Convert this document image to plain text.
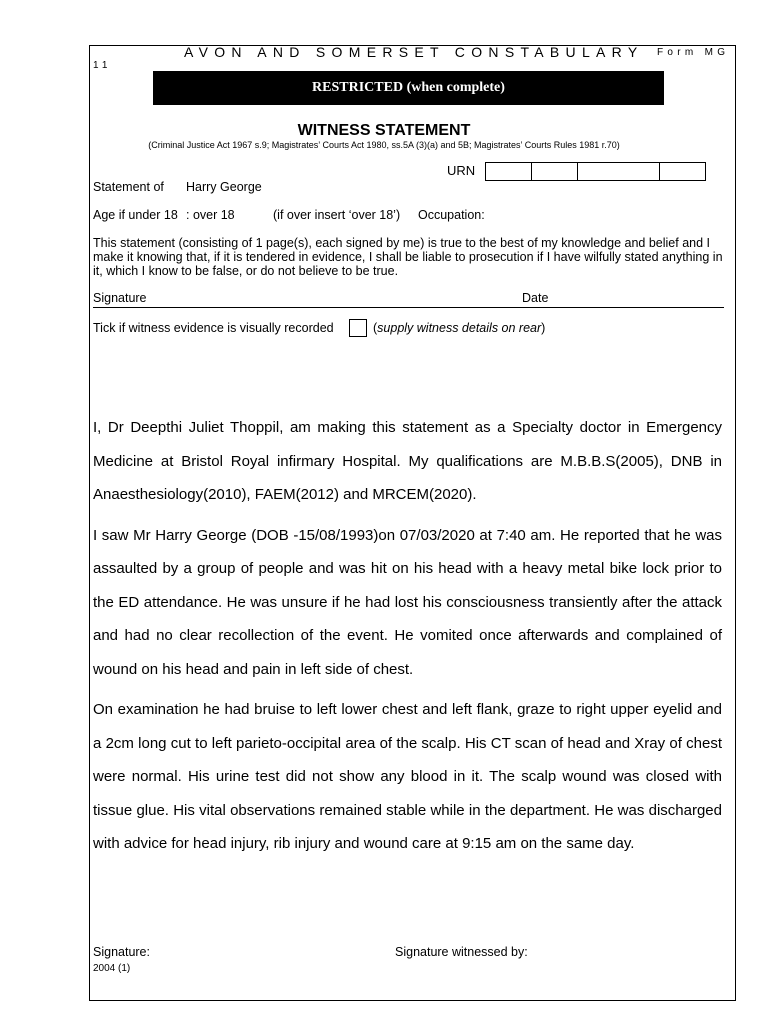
AVON AND SOMERSET CONSTABULARY Form MG
11
RESTRICTED (when complete)
WITNESS STATEMENT
(Criminal Justice Act 1967 s.9; Magistrates’ Courts Act 1980, ss.5A (3)(a) and 5B; Magistrates’ Courts Rules 1981 r.70)
URN
Statement of Harry George
Age if under 18 : over 18	(if over insert ‘over 18’) Occupation:
This statement (consisting of 1 page(s), each signed by me) is true to the best of my knowledge and belief and I make it knowing that, if it is tendered in evidence, I shall be liable to prosecution if I have wilfully stated anything in it, which I know to be false, or do not believe to be true.
Signature	Date
Tick if witness evidence is visually recorded	(supply witness details on rear)

I, Dr Deepthi Juliet Thoppil, am making this statement as a Specialty doctor in Emergency Medicine at Bristol Royal infirmary Hospital. My qualifications are M.B.B.S(2005), DNB in Anaesthesiology(2010), FAEM(2012) and MRCEM(2020).

I saw Mr Harry George (DOB -15/08/1993)on 07/03/2020 at 7:40 am. He reported that he was assaulted by a group of people and was hit on his head with a heavy metal bike lock prior to the ED attendance. He was unsure if he had lost his consciousness transiently after the attack and had no clear recollection of the event. He vomited once afterwards and complained of wound on his head and pain in left side of chest.

On examination he had bruise to left lower chest and left flank, graze to right upper eyelid and a 2cm long cut to left parieto-occipital area of the scalp. His CT scan of head and Xray of chest were normal. His urine test did not show any blood in it. The scalp wound was closed with tissue glue. His vital observations remained stable while in the department. He was discharged with advice for head injury, rib injury and wound care at 9:15 am on the same day.

Signature:	Signature witnessed by:
2004 (1)
